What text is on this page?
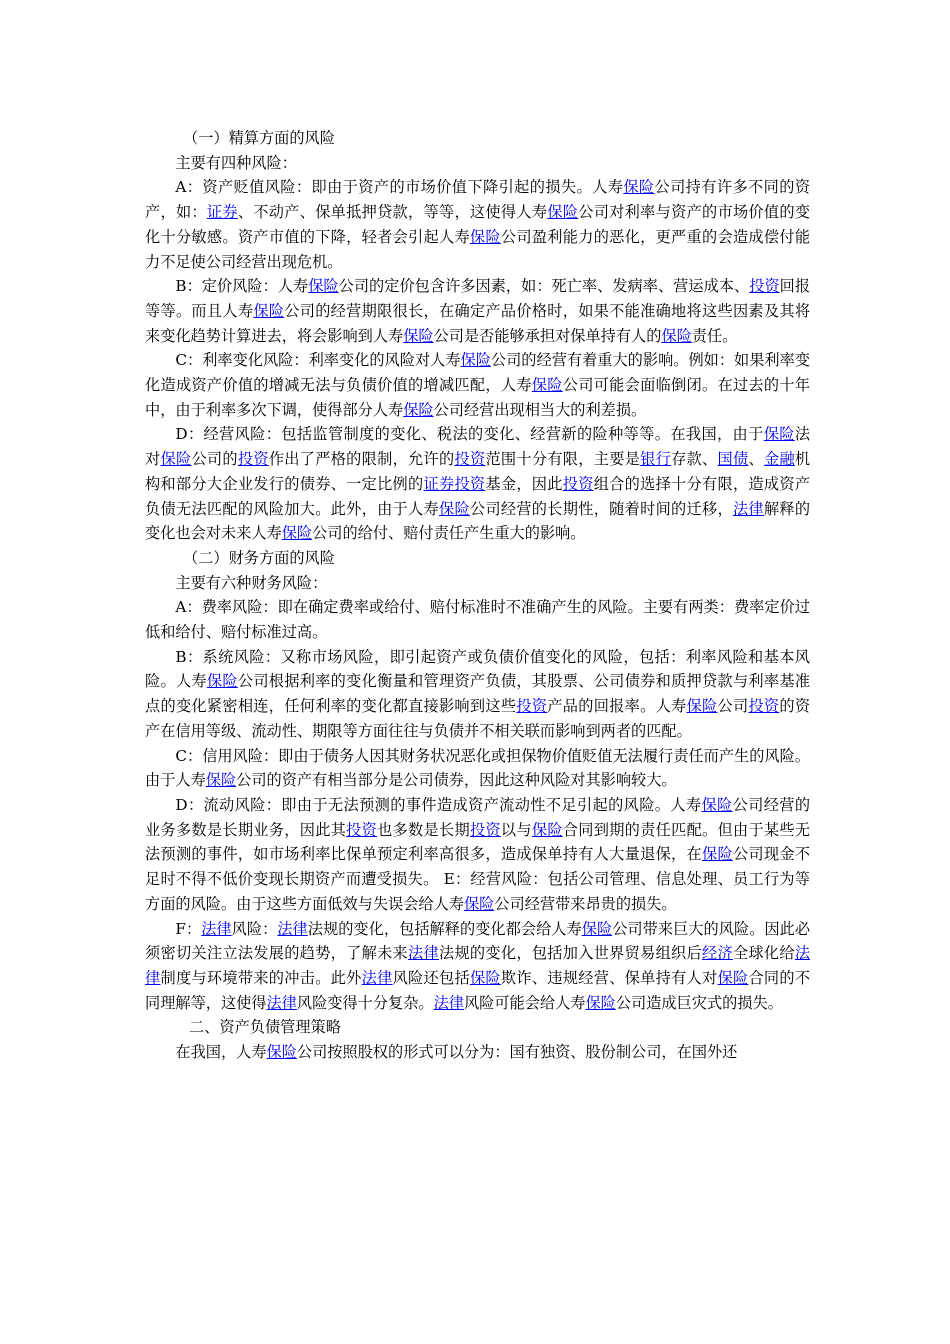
（一）精算方面的风险

主要有四种风险：

A：资产贬值风险：即由于资产的市场价值下降引起的损失。人寿保险公司持有许多不同的资产，如：证券、不动产、保单抵押贷款，等等，这使得人寿保险公司对利率与资产的市场价值的变化十分敏感。资产市值的下降，轻者会引起人寿保险公司盈利能力的恶化，更严重的会造成偿付能力不足使公司经营出现危机。

B：定价风险：人寿保险公司的定价包含许多因素，如：死亡率、发病率、营运成本、投资回报等等。而且人寿保险公司的经营期限很长，在确定产品价格时，如果不能准确地将这些因素及其将来变化趋势计算进去，将会影响到人寿保险公司是否能够承担对保单持有人的保险责任。

C：利率变化风险：利率变化的风险对人寿保险公司的经营有着重大的影响。例如：如果利率变化造成资产价值的增减无法与负债价值的增减匹配，人寿保险公司可能会面临倒闭。在过去的十年中，由于利率多次下调，使得部分人寿保险公司经营出现相当大的利差损。

D：经营风险：包括监管制度的变化、税法的变化、经营新的险种等等。在我国，由于保险法对保险公司的投资作出了严格的限制，允许的投资范围十分有限，主要是银行存款、国债、金融机构和部分大企业发行的债券、一定比例的证券投资基金，因此投资组合的选择十分有限，造成资产负债无法匹配的风险加大。此外，由于人寿保险公司经营的长期性，随着时间的迁移，法律解释的变化也会对未来人寿保险公司的给付、赔付责任产生重大的影响。

（二）财务方面的风险

主要有六种财务风险：

A：费率风险：即在确定费率或给付、赔付标准时不准确产生的风险。主要有两类：费率定价过低和给付、赔付标准过高。

B：系统风险：又称市场风险，即引起资产或负债价值变化的风险，包括：利率风险和基本风险。人寿保险公司根据利率的变化衡量和管理资产负债，其股票、公司债券和质押贷款与利率基准点的变化紧密相连，任何利率的变化都直接影响到这些投资产品的回报率。人寿保险公司投资的资产在信用等级、流动性、期限等方面往往与负债并不相关联而影响到两者的匹配。

C：信用风险：即由于债务人因其财务状况恶化或担保物价值贬值无法履行责任而产生的风险。由于人寿保险公司的资产有相当部分是公司债券，因此这种风险对其影响较大。

D：流动风险：即由于无法预测的事件造成资产流动性不足引起的风险。人寿保险公司经营的业务多数是长期业务，因此其投资也多数是长期投资以与保险合同到期的责任匹配。但由于某些无法预测的事件，如市场利率比保单预定利率高很多，造成保单持有人大量退保，在保险公司现金不足时不得不低价变现长期资产而遭受损失。 E：经营风险：包括公司管理、信息处理、员工行为等方面的风险。由于这些方面低效与失误会给人寿保险公司经营带来昂贵的损失。

F：法律风险：法律法规的变化，包括解释的变化都会给人寿保险公司带来巨大的风险。因此必须密切关注立法发展的趋势，了解未来法律法规的变化，包括加入世界贸易组织后经济全球化给法律制度与环境带来的冲击。此外法律风险还包括保险欺诈、违规经营、保单持有人对保险合同的不同理解等，这使得法律风险变得十分复杂。法律风险可能会给人寿保险公司造成巨灾式的损失。

二、资产负债管理策略

在我国，人寿保险公司按照股权的形式可以分为：国有独资、股份制公司，在国外还
